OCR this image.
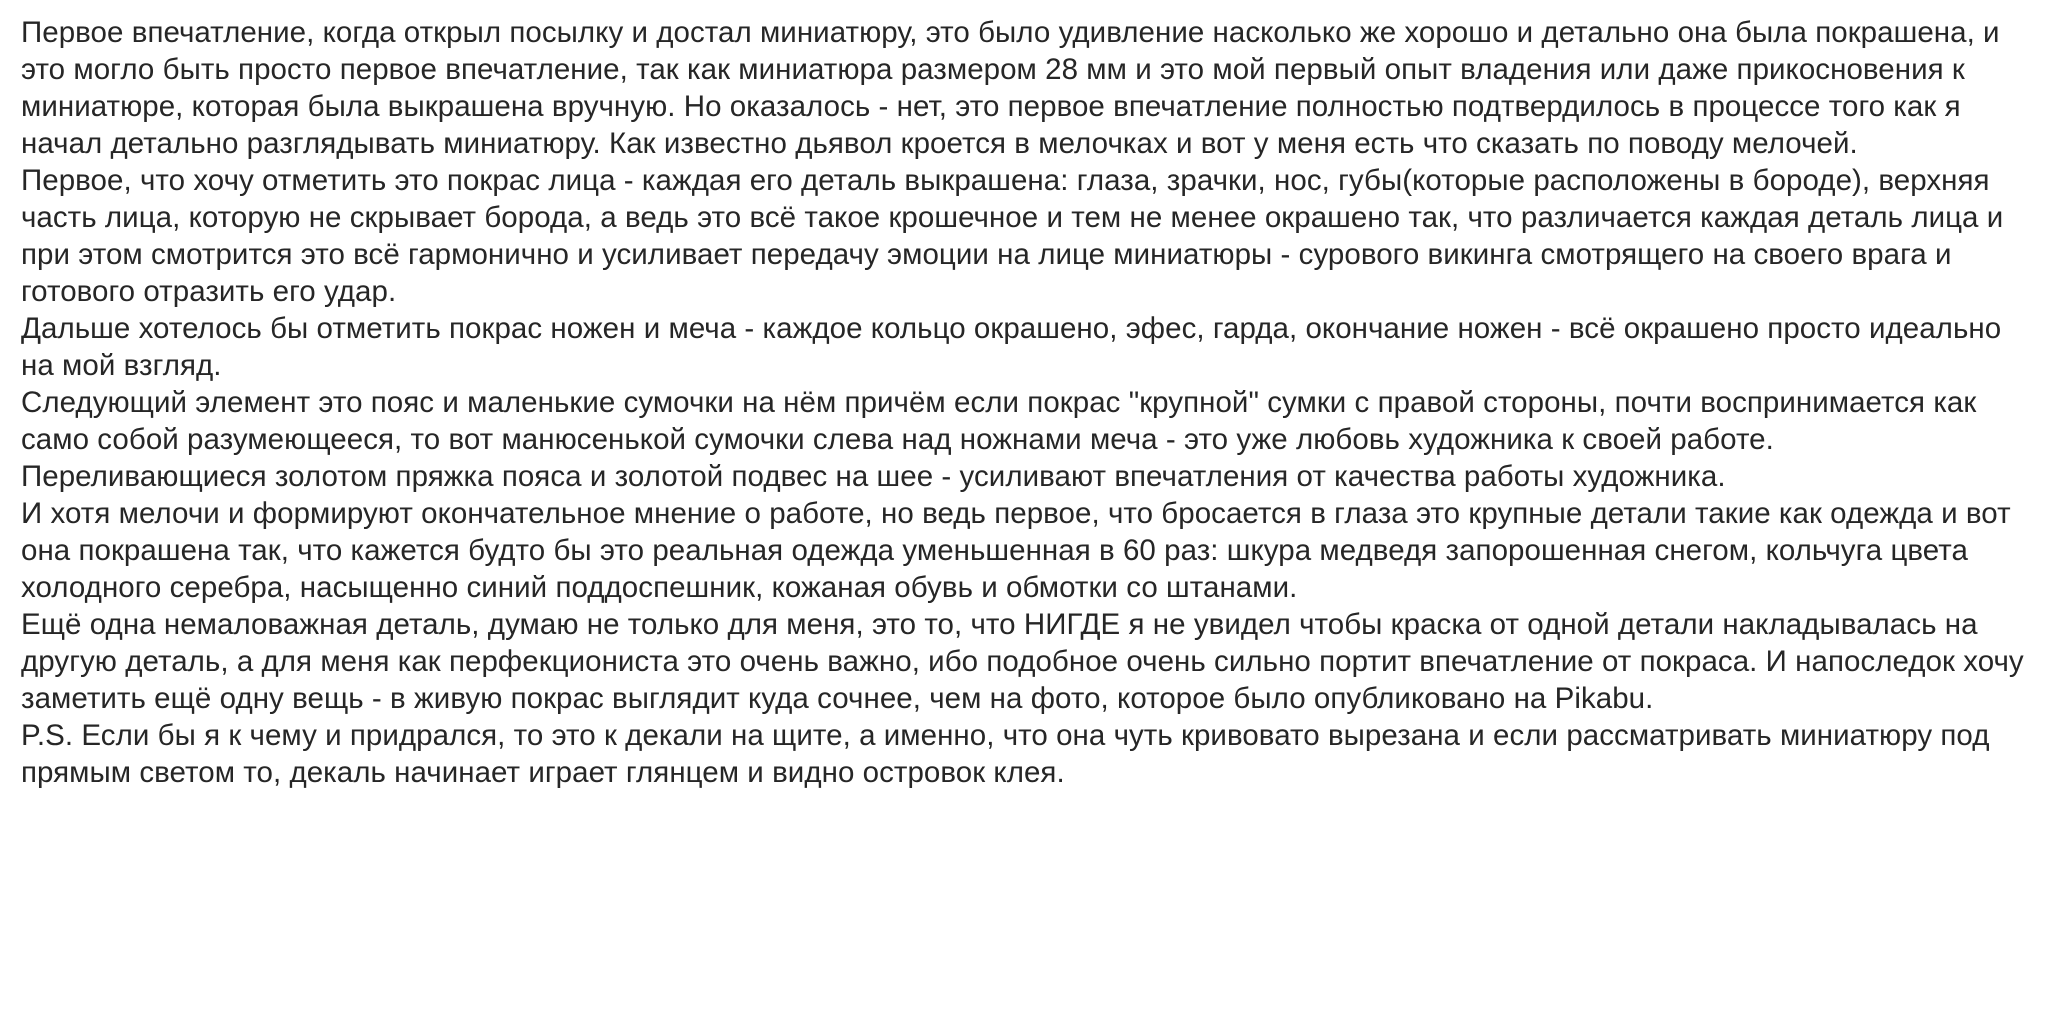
Первое впечатление, когда открыл посылку и достал миниатюру, это было удивление насколько же хорошо и детально она была покрашена, и это могло быть просто первое впечатление, так как миниатюра размером 28 мм и это мой первый опыт владения или даже прикосновения к миниатюре, которая была выкрашена вручную. Но оказалось - нет, это первое впечатление полностью подтвердилось в процессе того как я начал детально разглядывать миниатюру. Как известно дьявол кроется в мелочках и вот у меня есть что сказать по поводу мелочей.

Первое, что хочу отметить это покрас лица - каждая его деталь выкрашена: глаза, зрачки, нос, губы(которые расположены в бороде), верхняя часть лица, которую не скрывает борода, а ведь это всё такое крошечное и тем не менее окрашено так, что различается каждая деталь лица и при этом смотрится это всё гармонично и усиливает передачу эмоции на лице миниатюры - сурового викинга смотрящего на своего врага и готового отразить его удар.

Дальше хотелось бы отметить покрас ножен и меча - каждое кольцо окрашено, эфес, гарда, окончание ножен - всё окрашено просто идеально на мой взгляд.

Следующий элемент это пояс и маленькие сумочки на нём причём если покрас "крупной" сумки с правой стороны, почти воспринимается как само собой разумеющееся, то вот манюсенькой сумочки слева над ножнами меча - это уже любовь художника к своей работе.

Переливающиеся золотом пряжка пояса и золотой подвес на шее - усиливают впечатления от качества работы художника.

И хотя мелочи и формируют окончательное мнение о работе, но ведь первое, что бросается в глаза это крупные детали такие как одежда и вот она покрашена так, что кажется будто бы это реальная одежда уменьшенная в 60 раз: шкура медведя запорошенная снегом, кольчуга цвета холодного серебра, насыщенно синий поддоспешник, кожаная обувь и обмотки со штанами.

Ещё одна немаловажная деталь, думаю не только для меня, это то, что НИГДЕ я не увидел чтобы краска от одной детали накладывалась на другую деталь, а для меня как перфекциониста это очень важно, ибо подобное очень сильно портит впечатление от покраса. И напоследок хочу заметить ещё одну вещь - в живую покрас выглядит куда сочнее, чем на фото, которое было опубликовано на Pikabu.

P.S. Если бы я к чему и придрался, то это к декали на щите, а именно, что она чуть кривовато вырезана и если рассматривать миниатюру под прямым светом то, декаль начинает играет глянцем и видно островок клея.
